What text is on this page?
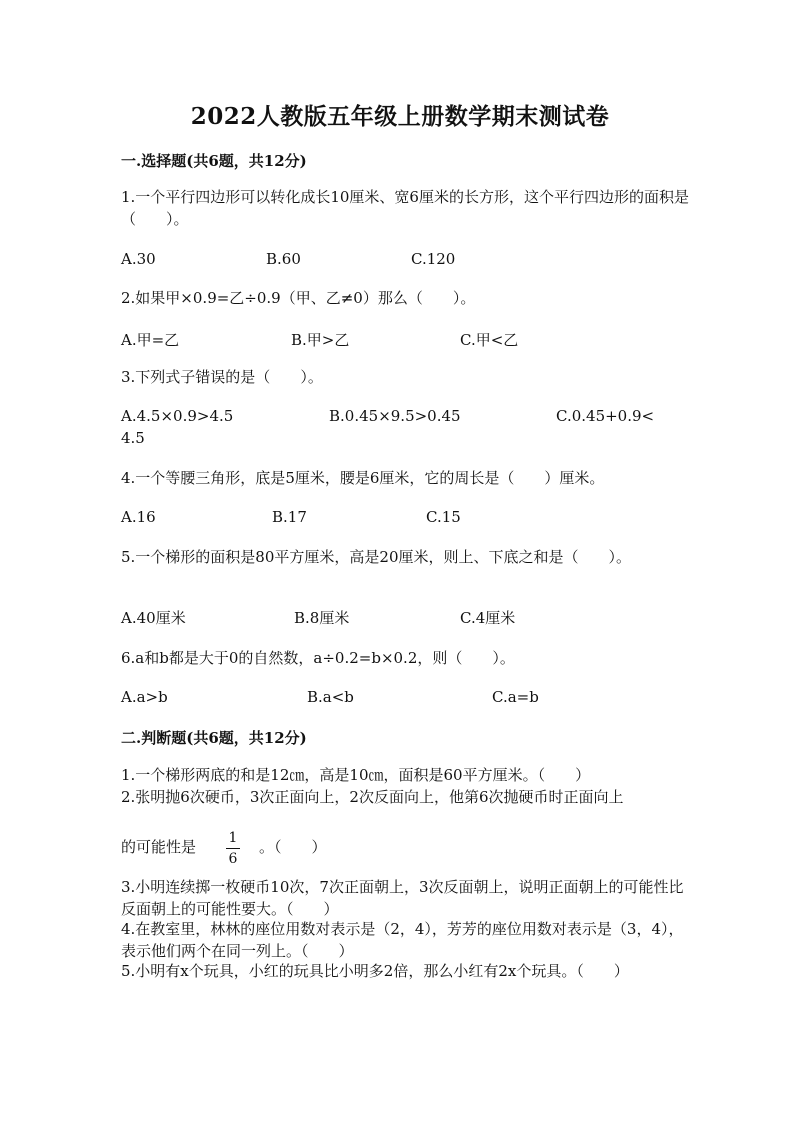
2022人教版五年级上册数学期末测试卷
一.选择题(共6题，共12分)
1.一个平行四边形可以转化成长10厘米、宽6厘米的长方形，这个平行四边形的面积是（　　）。
A.30	B.60	C.120
2.如果甲×0.9=乙÷0.9（甲、乙≠0）那么（　　）。
A.甲=乙	B.甲>乙	C.甲<乙
3.下列式子错误的是（　　）。
A.4.5×0.9>4.5	B.0.45×9.5>0.45	C.0.45+0.9<
4.5
4.一个等腰三角形，底是5厘米，腰是6厘米，它的周长是（　　）厘米。
A.16	B.17	C.15
5.一个梯形的面积是80平方厘米，高是20厘米，则上、下底之和是（　　）。
A.40厘米	B.8厘米	C.4厘米
6.a和b都是大于0的自然数，a÷0.2=b×0.2，则（　　）。
A.a>b	B.a<b	C.a=b
二.判断题(共6题，共12分)
1.一个梯形两底的和是12㎝，高是10㎝，面积是60平方厘米。（　　）
2.张明抛6次硬币，3次正面向上，2次反面向上，他第6次抛硬币时正面向上
的可能性是 1
6
。（　　）
3.小明连续掷一枚硬币10次，7次正面朝上，3次反面朝上，说明正面朝上的可能性比反面朝上的可能性要大。（　　）
4.在教室里，林林的座位用数对表示是（2，4），芳芳的座位用数对表示是（3，4），表示他们两个在同一列上。（　　）
5.小明有x个玩具，小红的玩具比小明多2倍，那么小红有2x个玩具。（　　）
